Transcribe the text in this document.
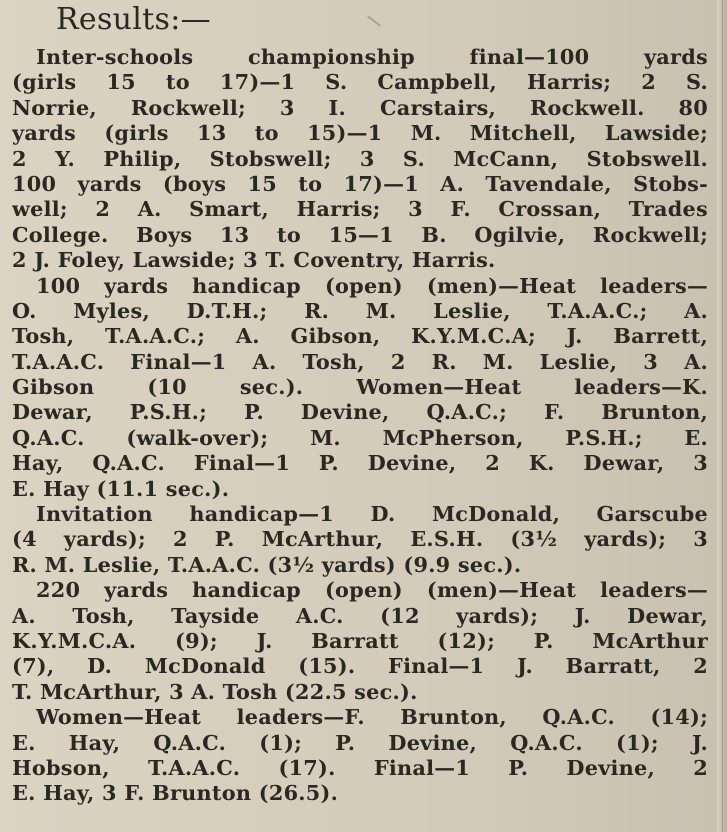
Results:—
Inter-schools championship final—100 yards
(girls 15 to 17)—1 S. Campbell, Harris; 2 S.
Norrie, Rockwell; 3 I. Carstairs, Rockwell. 80
yards (girls 13 to 15)—1 M. Mitchell, Lawside;
2 Y. Philip, Stobswell; 3 S. McCann, Stobswell.
100 yards (boys 15 to 17)—1 A. Tavendale, Stobs-
well; 2 A. Smart, Harris; 3 F. Crossan, Trades
College. Boys 13 to 15—1 B. Ogilvie, Rockwell;
2 J. Foley, Lawside; 3 T. Coventry, Harris.
100 yards handicap (open) (men)—Heat leaders—
O. Myles, D.T.H.; R. M. Leslie, T.A.A.C.; A.
Tosh, T.A.A.C.; A. Gibson, K.Y.M.C.A; J. Barrett,
T.A.A.C. Final—1 A. Tosh, 2 R. M. Leslie, 3 A.
Gibson (10 sec.). Women—Heat leaders—K.
Dewar, P.S.H.; P. Devine, Q.A.C.; F. Brunton,
Q.A.C. (walk-over); M. McPherson, P.S.H.; E.
Hay, Q.A.C. Final—1 P. Devine, 2 K. Dewar, 3
E. Hay (11.1 sec.).
Invitation handicap—1 D. McDonald, Garscube
(4 yards); 2 P. McArthur, E.S.H. (3½ yards); 3
R. M. Leslie, T.A.A.C. (3½ yards) (9.9 sec.).
220 yards handicap (open) (men)—Heat leaders—
A. Tosh, Tayside A.C. (12 yards); J. Dewar,
K.Y.M.C.A. (9); J. Barratt (12); P. McArthur
(7), D. McDonald (15). Final—1 J. Barratt, 2
T. McArthur, 3 A. Tosh (22.5 sec.).
Women—Heat leaders—F. Brunton, Q.A.C. (14);
E. Hay, Q.A.C. (1); P. Devine, Q.A.C. (1); J.
Hobson, T.A.A.C. (17). Final—1 P. Devine, 2
E. Hay, 3 F. Brunton (26.5).
